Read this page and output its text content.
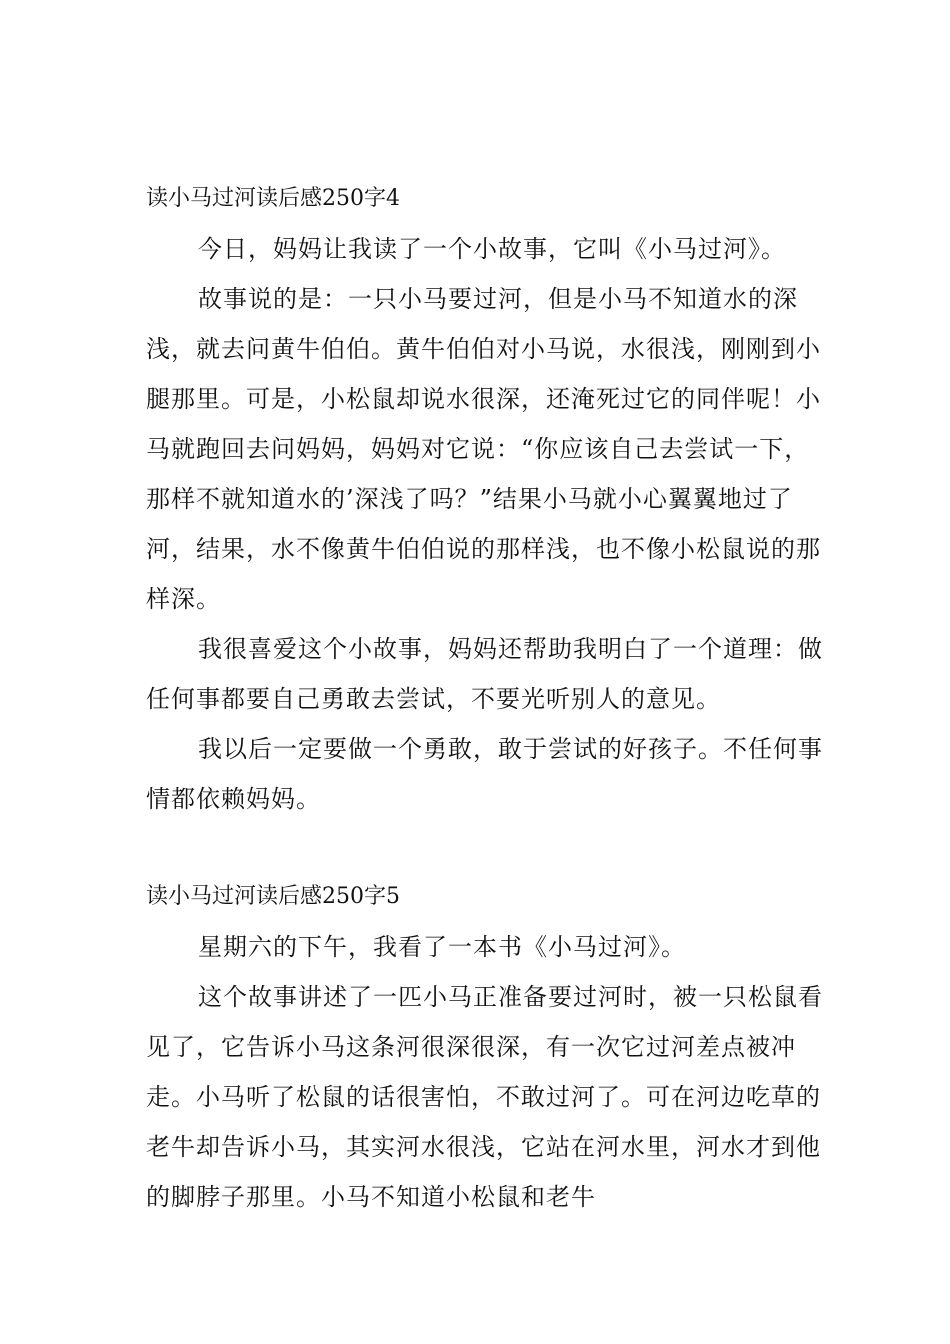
读小马过河读后感250字4

今日，妈妈让我读了一个小故事，它叫《小马过河》。

故事说的是：一只小马要过河，但是小马不知道水的深浅，就去问黄牛伯伯。黄牛伯伯对小马说，水很浅，刚刚到小腿那里。可是，小松鼠却说水很深，还淹死过它的同伴呢！小马就跑回去问妈妈，妈妈对它说：“你应该自己去尝试一下，那样不就知道水的’深浅了吗？”结果小马就小心翼翼地过了河，结果，水不像黄牛伯伯说的那样浅，也不像小松鼠说的那样深。

我很喜爱这个小故事，妈妈还帮助我明白了一个道理：做任何事都要自己勇敢去尝试，不要光听别人的意见。

我以后一定要做一个勇敢，敢于尝试的好孩子。不任何事情都依赖妈妈。

读小马过河读后感250字5

星期六的下午，我看了一本书《小马过河》。

这个故事讲述了一匹小马正准备要过河时，被一只松鼠看见了，它告诉小马这条河很深很深，有一次它过河差点被冲走。小马听了松鼠的话很害怕，不敢过河了。可在河边吃草的老牛却告诉小马，其实河水很浅，它站在河水里，河水才到他的脚脖子那里。小马不知道小松鼠和老牛
